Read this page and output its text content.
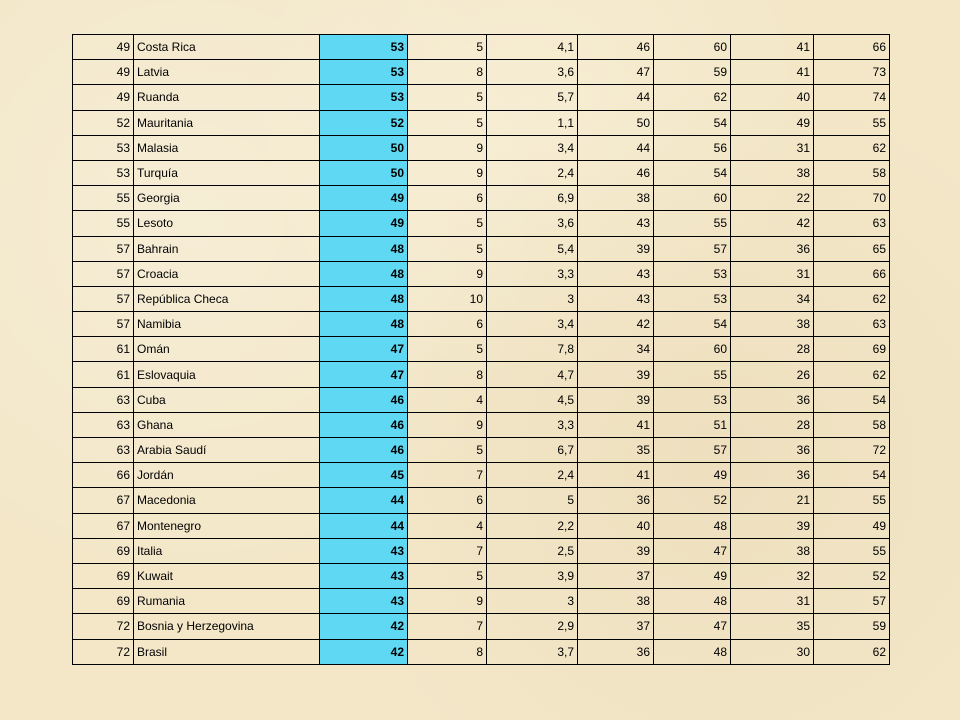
49	Costa Rica	53	5	4,1	46	60	41	66
49	Latvia	53	8	3,6	47	59	41	73
49	Ruanda	53	5	5,7	44	62	40	74
52	Mauritania	52	5	1,1	50	54	49	55
53	Malasia	50	9	3,4	44	56	31	62
53	Turquía	50	9	2,4	46	54	38	58
55	Georgia	49	6	6,9	38	60	22	70
55	Lesoto	49	5	3,6	43	55	42	63
57	Bahrain	48	5	5,4	39	57	36	65
57	Croacia	48	9	3,3	43	53	31	66
57	República Checa	48	10	3	43	53	34	62
57	Namibia	48	6	3,4	42	54	38	63
61	Omán	47	5	7,8	34	60	28	69
61	Eslovaquia	47	8	4,7	39	55	26	62
63	Cuba	46	4	4,5	39	53	36	54
63	Ghana	46	9	3,3	41	51	28	58
63	Arabia Saudí	46	5	6,7	35	57	36	72
66	Jordán	45	7	2,4	41	49	36	54
67	Macedonia	44	6	5	36	52	21	55
67	Montenegro	44	4	2,2	40	48	39	49
69	Italia	43	7	2,5	39	47	38	55
69	Kuwait	43	5	3,9	37	49	32	52
69	Rumania	43	9	3	38	48	31	57
72	Bosnia y Herzegovina	42	7	2,9	37	47	35	59
72	Brasil	42	8	3,7	36	48	30	62
